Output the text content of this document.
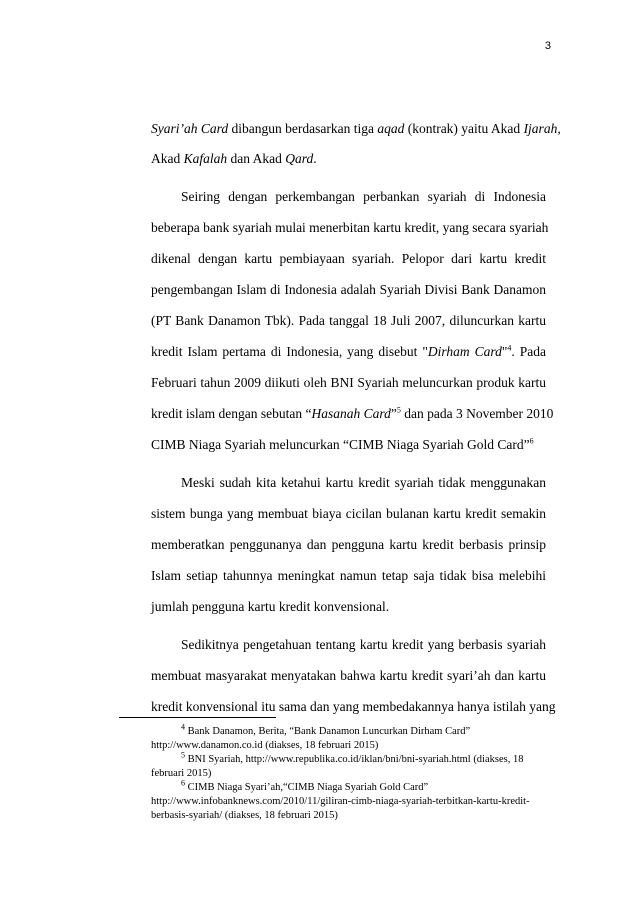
3
Syari’ah Card dibangun berdasarkan tiga aqad (kontrak) yaitu Akad Ijarah,
Akad Kafalah dan Akad Qard.
Seiring dengan perkembangan perbankan syariah di Indonesia
beberapa bank syariah mulai menerbitan kartu kredit, yang secara syariah
dikenal dengan kartu pembiayaan syariah. Pelopor dari kartu kredit
pengembangan Islam di Indonesia adalah Syariah Divisi Bank Danamon
(PT Bank Danamon Tbk). Pada tanggal 18 Juli 2007, diluncurkan kartu
kredit Islam pertama di Indonesia, yang disebut "Dirham Card"$^4$. Pada
Februari tahun 2009 diikuti oleh BNI Syariah meluncurkan produk kartu
kredit islam dengan sebutan “Hasanah Card”$^5$ dan pada 3 November 2010
CIMB Niaga Syariah meluncurkan “CIMB Niaga Syariah Gold Card”$^6$
Meski sudah kita ketahui kartu kredit syariah tidak menggunakan
sistem bunga yang membuat biaya cicilan bulanan kartu kredit semakin
memberatkan penggunanya dan pengguna kartu kredit berbasis prinsip
Islam setiap tahunnya meningkat namun tetap saja tidak bisa melebihi
jumlah pengguna kartu kredit konvensional.
Sedikitnya pengetahuan tentang kartu kredit yang berbasis syariah
membuat masyarakat menyatakan bahwa kartu kredit syari’ah dan kartu
kredit konvensional itu sama dan yang membedakannya hanya istilah yang
$^4$ Bank Danamon, Berita, “Bank Danamon Luncurkan Dirham Card”
http://www.danamon.co.id (diakses, 18 februari 2015)
$^5$ BNI Syariah, http://www.republika.co.id/iklan/bni/bni-syariah.html (diakses, 18
februari 2015)
$^6$ CIMB Niaga Syari’ah,“CIMB Niaga Syariah Gold Card”
http://www.infobanknews.com/2010/11/giliran-cimb-niaga-syariah-terbitkan-kartu-kredit-
berbasis-syariah/ (diakses, 18 februari 2015)
